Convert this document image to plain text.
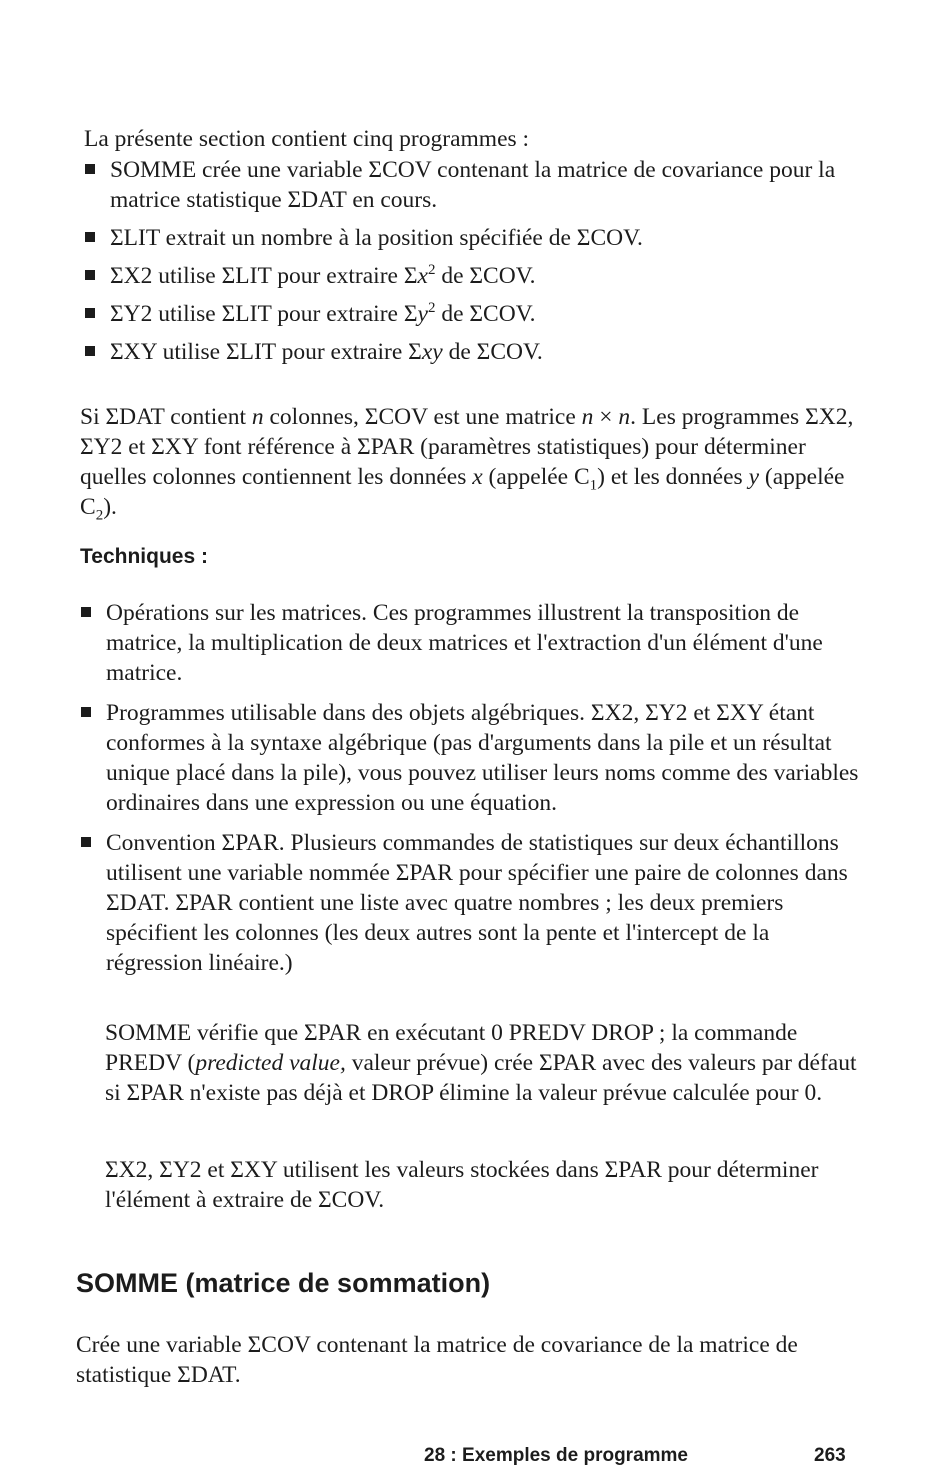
La présente section contient cinq programmes :

SOMME crée une variable ΣCOV contenant la matrice de covariance pour la matrice statistique ΣDAT en cours.
ΣLIT extrait un nombre à la position spécifiée de ΣCOV.
ΣX2 utilise ΣLIT pour extraire $\Sigma x^2$ de ΣCOV.
ΣY2 utilise ΣLIT pour extraire $\Sigma y^2$ de ΣCOV.
ΣXY utilise ΣLIT pour extraire Σxy de ΣCOV.

Si ΣDAT contient n colonnes, ΣCOV est une matrice n × n. Les programmes ΣX2, ΣY2 et ΣXY font référence à ΣPAR (paramètres statistiques) pour déterminer quelles colonnes contiennent les données x (appelée $C_1$) et les données y (appelée $C_2$).

Techniques :
Opérations sur les matrices. Ces programmes illustrent la transposition de matrice, la multiplication de deux matrices et l'extraction d'un élément d'une matrice.
Programmes utilisable dans des objets algébriques. ΣX2, ΣY2 et ΣXY étant conformes à la syntaxe algébrique (pas d'arguments dans la pile et un résultat unique placé dans la pile), vous pouvez utiliser leurs noms comme des variables ordinaires dans une expression ou une équation.
Convention ΣPAR. Plusieurs commandes de statistiques sur deux échantillons utilisent une variable nommée ΣPAR pour spécifier une paire de colonnes dans ΣDAT. ΣPAR contient une liste avec quatre nombres ; les deux premiers spécifient les colonnes (les deux autres sont la pente et l'intercept de la régression linéaire.)

SOMME vérifie que ΣPAR en exécutant 0 PREDV DROP ; la commande PREDV (predicted value, valeur prévue) crée ΣPAR avec des valeurs par défaut si ΣPAR n'existe pas déjà et DROP élimine la valeur prévue calculée pour 0.

ΣX2, ΣY2 et ΣXY utilisent les valeurs stockées dans ΣPAR pour déterminer l'élément à extraire de ΣCOV.

SOMME (matrice de sommation)

Crée une variable ΣCOV contenant la matrice de covariance de la matrice de statistique ΣDAT.

28 : Exemples de programme	263
